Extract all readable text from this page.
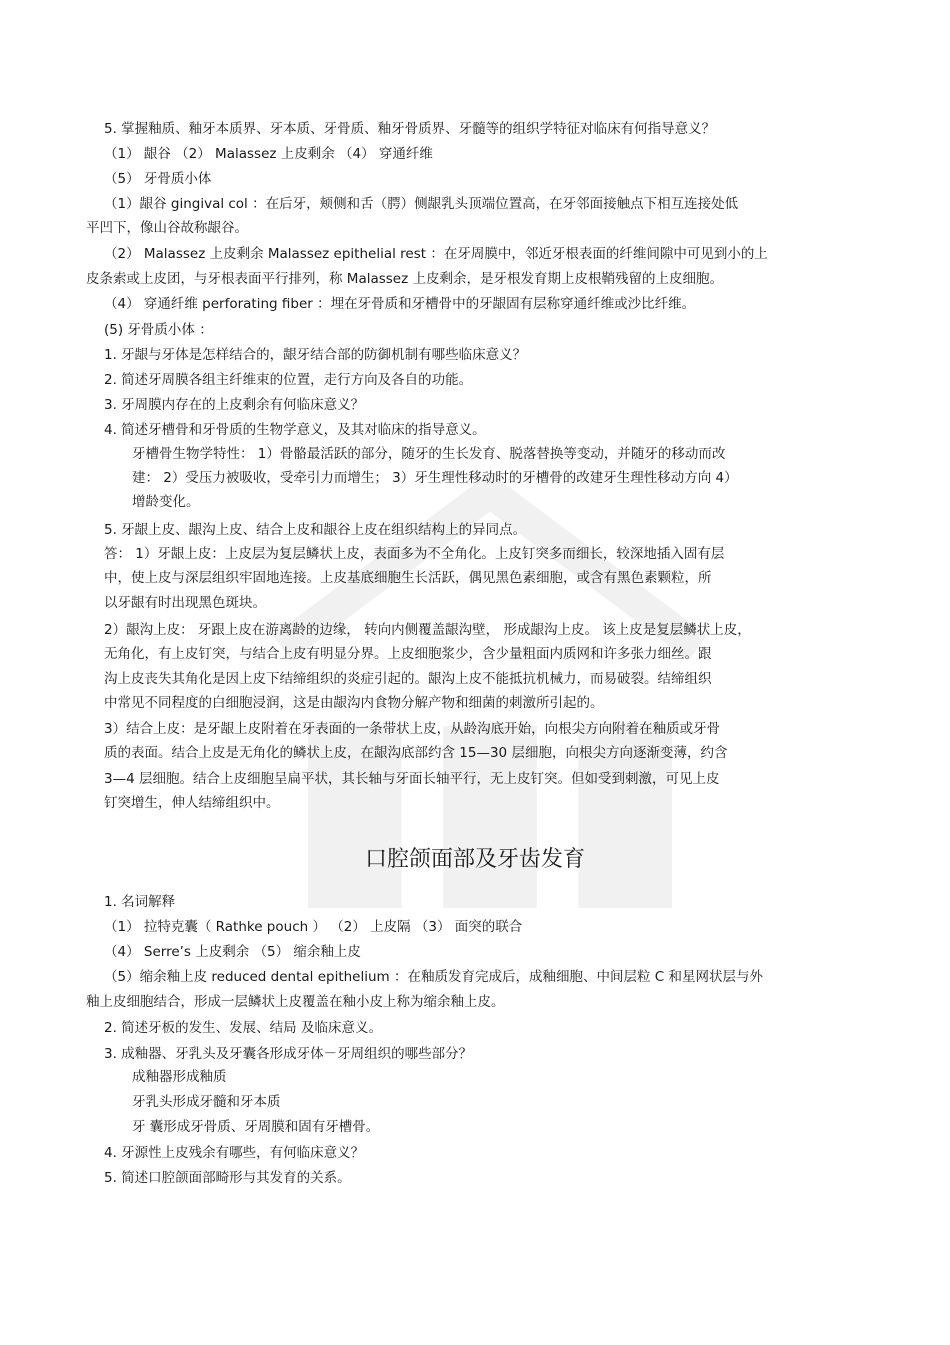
5. 掌握釉质、釉牙本质界、牙本质、牙骨质、釉牙骨质界、牙髓等的组织学特征对临床有何指导意义？
（1） 龈谷 （2） Malassez 上皮剩余 （4） 穿通纤维
（5） 牙骨质小体
（1）龈谷 gingival col ：在后牙，颊侧和舌（腭）侧龈乳头顶端位置高，在牙邻面接触点下相互连接处低
平凹下，像山谷故称龈谷。
（2） Malassez 上皮剩余 Malassez epithelial rest ：在牙周膜中，邻近牙根表面的纤维间隙中可见到小的上
皮条索或上皮团，与牙根表面平行排列，称 Malassez 上皮剩余，是牙根发育期上皮根鞘残留的上皮细胞。
（4） 穿通纤维 perforating fiber ：埋在牙骨质和牙槽骨中的牙龈固有层称穿通纤维或沙比纤维。
(5) 牙骨质小体 ：
1. 牙龈与牙体是怎样结合的，龈牙结合部的防御机制有哪些临床意义？
2. 简述牙周膜各组主纤维束的位置，走行方向及各自的功能。
3. 牙周膜内存在的上皮剩余有何临床意义？
4. 简述牙槽骨和牙骨质的生物学意义，及其对临床的指导意义。
牙槽骨生物学特性： 1）骨骼最活跃的部分，随牙的生长发育、脱落替换等变动，并随牙的移动而改
建： 2）受压力被吸收，受牵引力而增生； 3）牙生理性移动时的牙槽骨的改建牙生理性移动方向 4）
增龄变化。
5. 牙龈上皮、龈沟上皮、结合上皮和龈谷上皮在组织结构上的异同点。
答： 1）牙龈上皮：上皮层为复层鳞状上皮，表面多为不全角化。上皮钉突多而细长，较深地插入固有层
中，使上皮与深层组织牢固地连接。上皮基底细胞生长活跃，偶见黑色素细胞，或含有黑色素颗粒，所
以牙龈有时出现黑色斑块。
2）龈沟上皮： 牙跟上皮在游离龄的边缘， 转向内侧覆盖龈沟壁， 形成龈沟上皮。 该上皮是复层鳞状上皮，
无角化，有上皮钉突，与结合上皮有明显分界。上皮细胞浆少，含少量粗面内质网和许多张力细丝。跟
沟上皮丧失其角化是因上皮下结缔组织的炎症引起的。龈沟上皮不能抵抗机械力，而易破裂。结缔组织
中常见不同程度的白细胞浸润，这是由龈沟内食物分解产物和细菌的刺激所引起的。
3）结合上皮：是牙龈上皮附着在牙表面的一条带状上皮，从龄沟底开始，向根尖方向附着在釉质或牙骨
质的表面。结合上皮是无角化的鳞状上皮，在龈沟底部约含 15—30 层细胞，向根尖方向逐渐变薄，约含
3—4 层细胞。结合上皮细胞呈扁平状，其长轴与牙面长轴平行，无上皮钉突。但如受到刺激，可见上皮
钉突增生，伸人结缔组织中。
口腔颌面部及牙齿发育
1. 名词解释
（1） 拉特克囊（ Rathke pouch ） （2） 上皮隔 （3） 面突的联合
（4） Serre’s 上皮剩余 （5） 缩余釉上皮
（5）缩余釉上皮 reduced dental epithelium ：在釉质发育完成后，成釉细胞、中间层粒 C 和星网状层与外
釉上皮细胞结合，形成一层鳞状上皮覆盖在釉小皮上称为缩余釉上皮。
2. 简述牙板的发生、发展、结局 及临床意义。
3. 成釉器、牙乳头及牙囊各形成牙体－牙周组织的哪些部分？
成釉器形成釉质
牙乳头形成牙髓和牙本质
牙 囊形成牙骨质、牙周膜和固有牙槽骨。
4. 牙源性上皮残余有哪些，有何临床意义？
5. 简述口腔颌面部畸形与其发育的关系。
